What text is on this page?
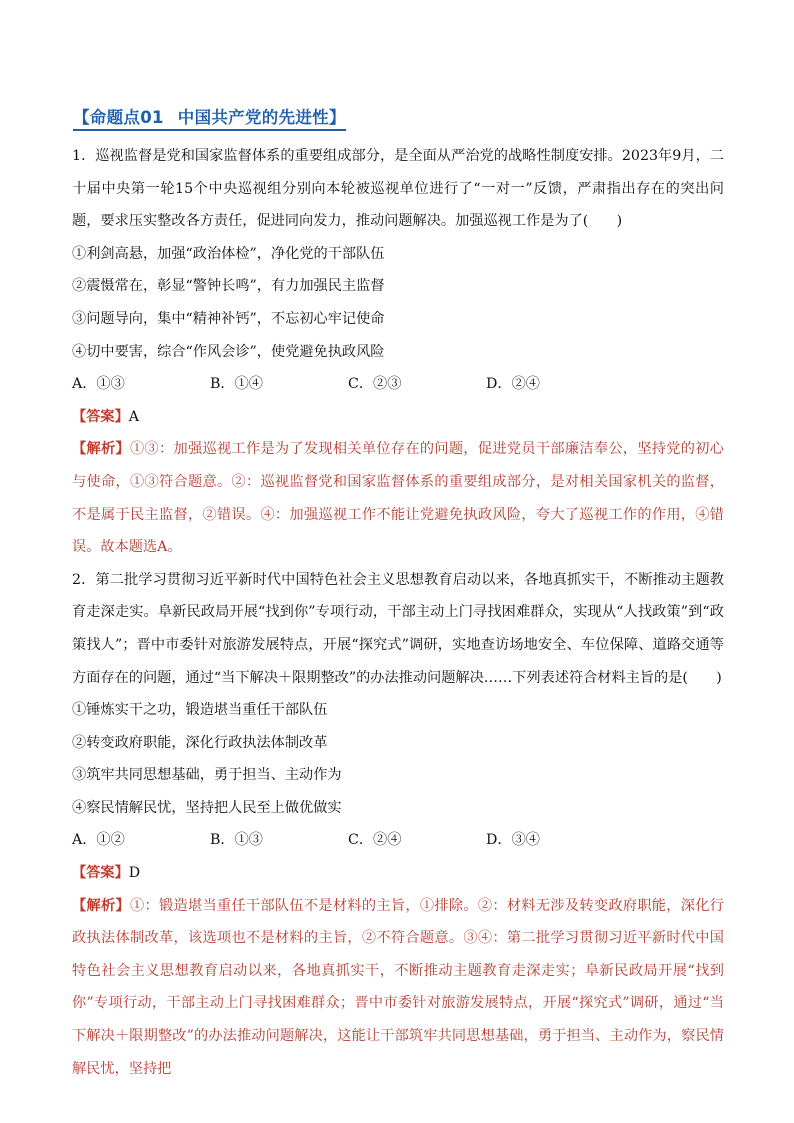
【命题点01 中国共产党的先进性】

1．巡视监督是党和国家监督体系的重要组成部分，是全面从严治党的战略性制度安排。2023年9月，二十届中央第一轮15个中央巡视组分别向本轮被巡视单位进行了“一对一”反馈，严肃指出存在的突出问题，要求压实整改各方责任，促进同向发力，推动问题解决。加强巡视工作是为了(　　)

①利剑高悬，加强“政治体检”，净化党的干部队伍

②震慑常在，彰显“警钟长鸣”，有力加强民主监督

③问题导向，集中“精神补钙”，不忘初心牢记使命

④切中要害，综合“作风会诊”，使党避免执政风险

A．①③	B．①④	C．②③	D．②④

【答案】A

【解析】①③：加强巡视工作是为了发现相关单位存在的问题，促进党员干部廉洁奉公，坚持党的初心与使命，①③符合题意。②：巡视监督党和国家监督体系的重要组成部分，是对相关国家机关的监督，不是属于民主监督，②错误。④：加强巡视工作不能让党避免执政风险，夸大了巡视工作的作用，④错误。故本题选A。

2．第二批学习贯彻习近平新时代中国特色社会主义思想教育启动以来，各地真抓实干，不断推动主题教育走深走实。阜新民政局开展“找到你”专项行动，干部主动上门寻找困难群众，实现从“人找政策”到“政策找人”；晋中市委针对旅游发展特点，开展“探究式”调研，实地查访场地安全、车位保障、道路交通等方面存在的问题，通过“当下解决＋限期整改”的办法推动问题解决……下列表述符合材料主旨的是(　　)

①锤炼实干之功，锻造堪当重任干部队伍

②转变政府职能，深化行政执法体制改革

③筑牢共同思想基础，勇于担当、主动作为

④察民情解民忧，坚持把人民至上做优做实

A．①②	B．①③	C．②④	D．③④

【答案】D

【解析】①：锻造堪当重任干部队伍不是材料的主旨，①排除。②：材料无涉及转变政府职能，深化行政执法体制改革，该选项也不是材料的主旨，②不符合题意。③④：第二批学习贯彻习近平新时代中国特色社会主义思想教育启动以来，各地真抓实干，不断推动主题教育走深走实；阜新民政局开展“找到你”专项行动，干部主动上门寻找困难群众；晋中市委针对旅游发展特点，开展“探究式”调研，通过“当下解决＋限期整改”的办法推动问题解决，这能让干部筑牢共同思想基础，勇于担当、主动作为，察民情解民忧，坚持把
